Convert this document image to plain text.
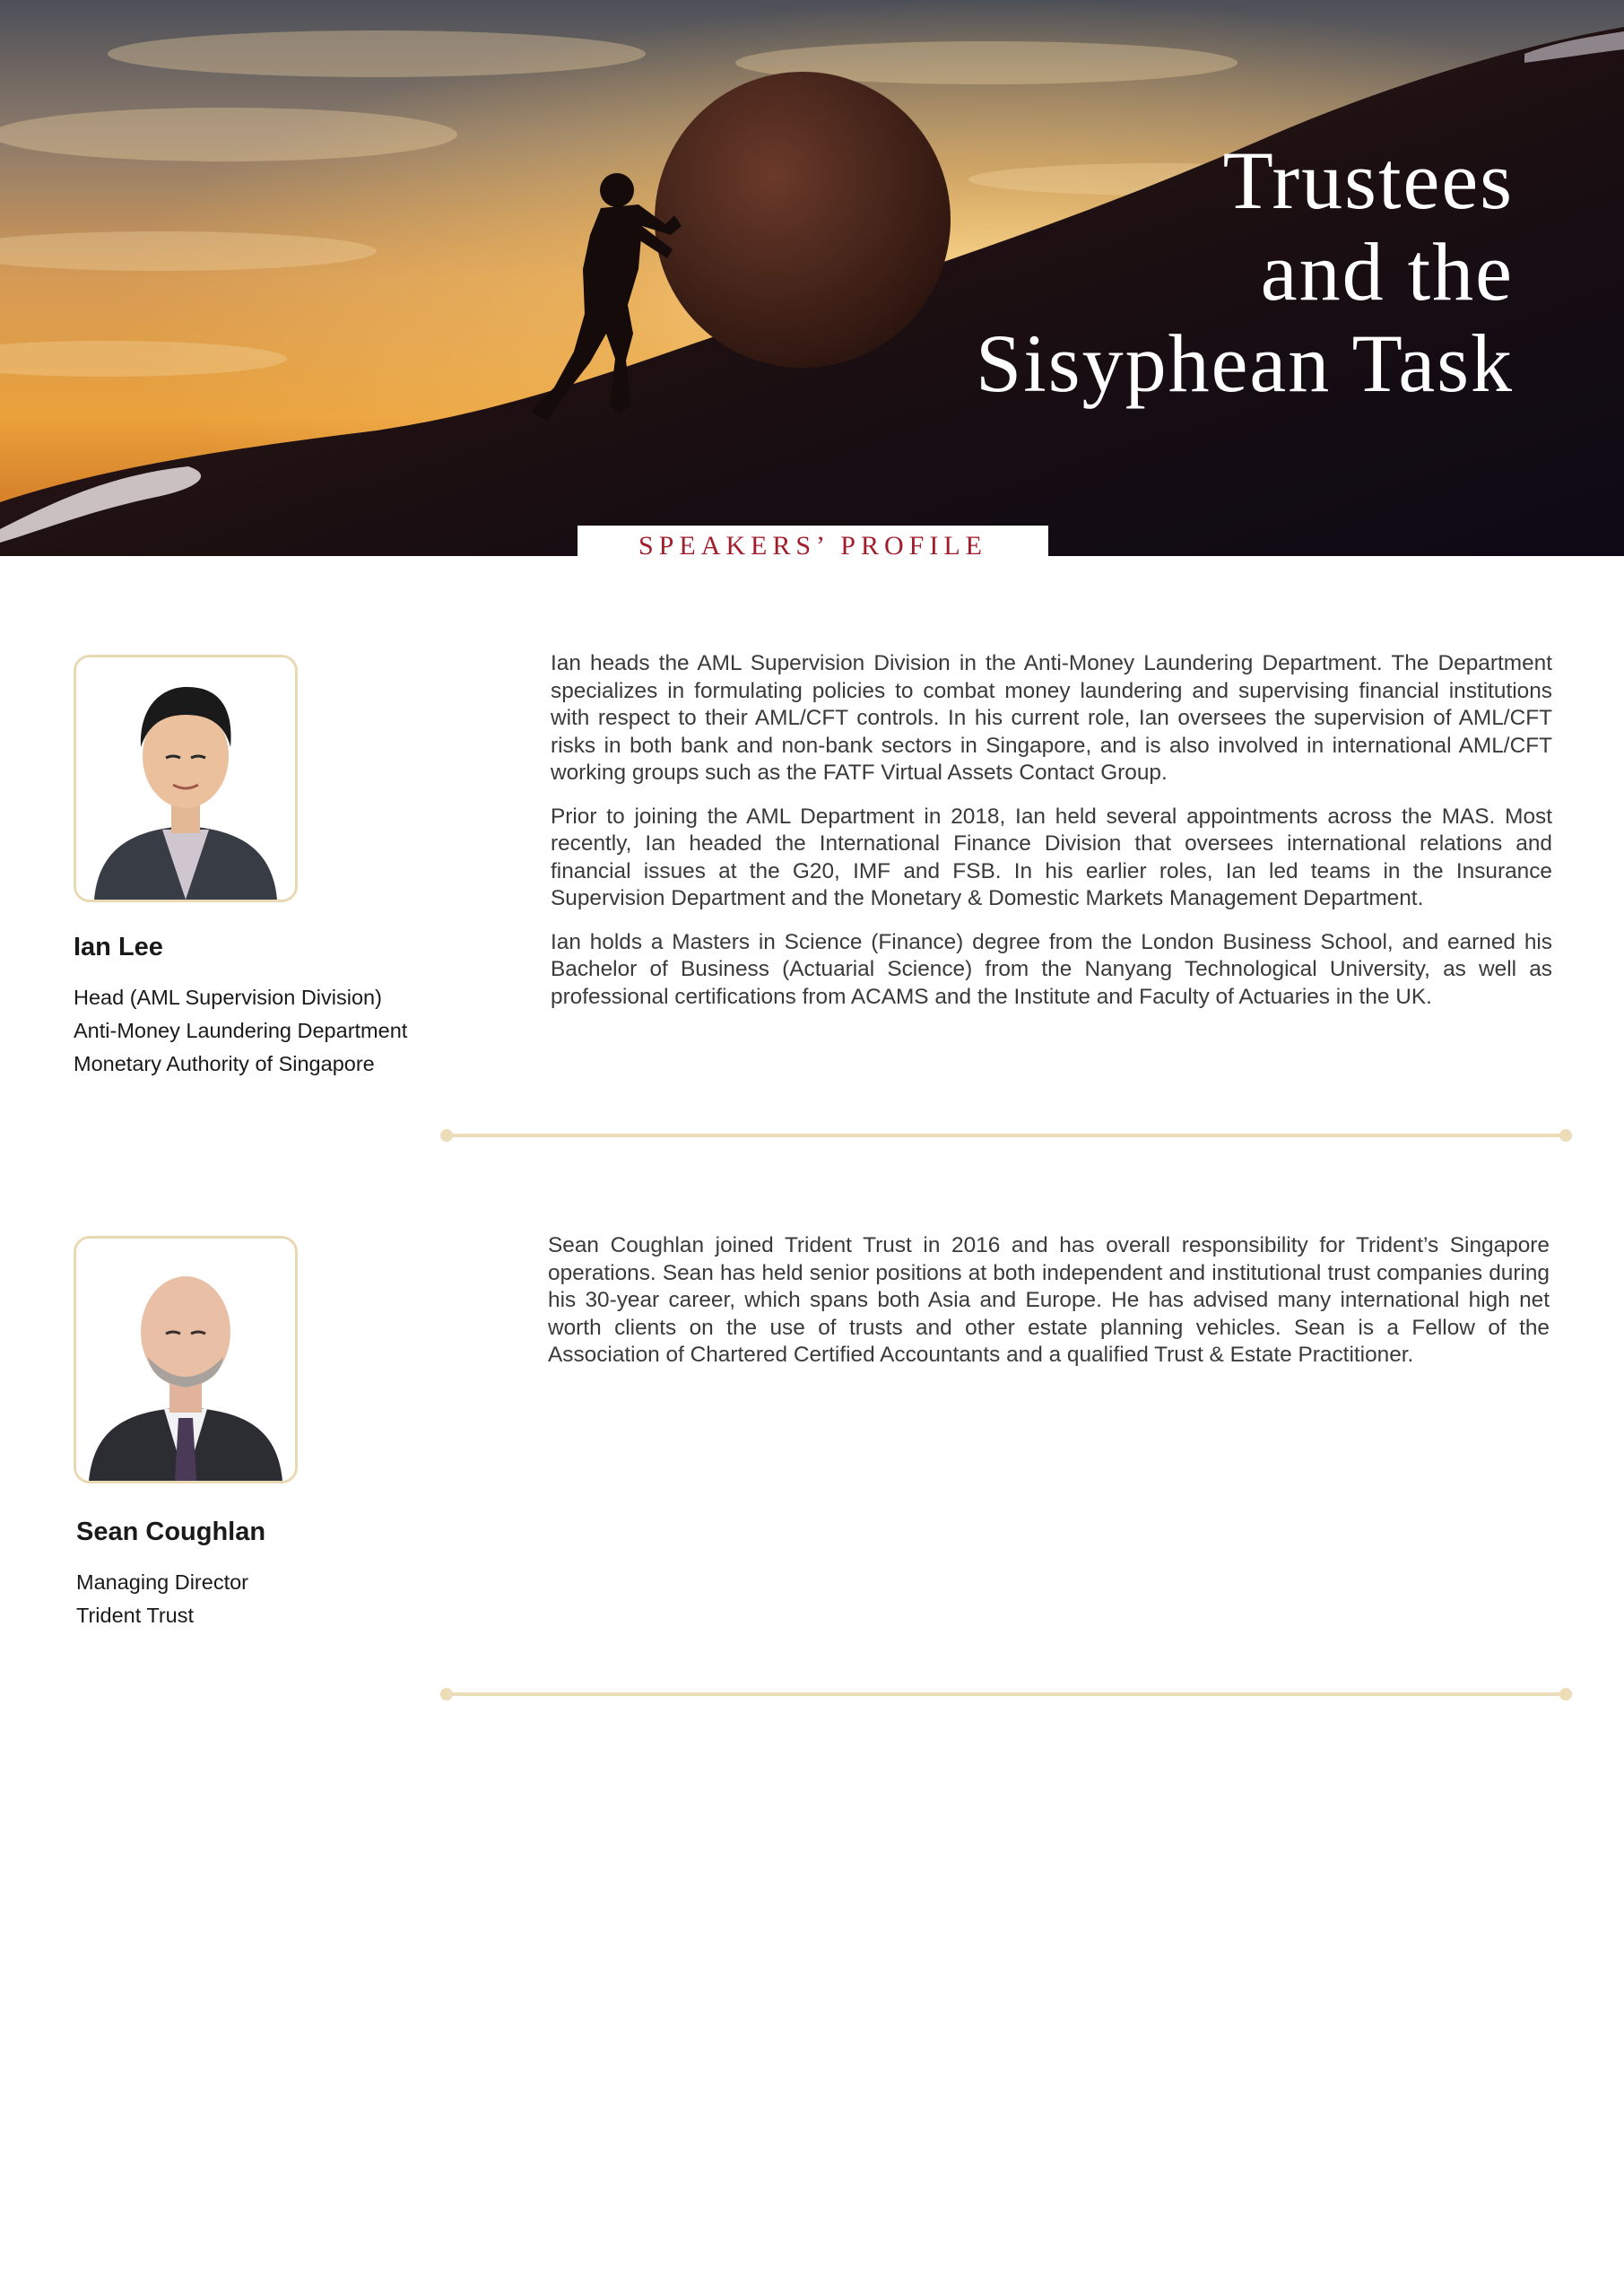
Trustees
and the
Sisyphean Task
SPEAKERS’ PROFILE
Ian Lee
Head (AML Supervision Division)
Anti-Money Laundering Department
Monetary Authority of Singapore

Ian heads the AML Supervision Division in the Anti-Money Laundering Department. The Department specializes in formulating policies to combat money laundering and supervising financial institutions with respect to their AML/CFT controls. In his current role, Ian oversees the supervision of AML/CFT risks in both bank and non-bank sectors in Singapore, and is also involved in international AML/CFT working groups such as the FATF Virtual Assets Contact Group.

Prior to joining the AML Department in 2018, Ian held several appointments across the MAS. Most recently, Ian headed the International Finance Division that oversees international relations and financial issues at the G20, IMF and FSB. In his earlier roles, Ian led teams in the Insurance Supervision Department and the Monetary & Domestic Markets Management Department.

Ian holds a Masters in Science (Finance) degree from the London Business School, and earned his Bachelor of Business (Actuarial Science) from the Nanyang Technological University, as well as professional certifications from ACAMS and the Institute and Faculty of Actuaries in the UK.

Sean Coughlan
Managing Director
Trident Trust

Sean Coughlan joined Trident Trust in 2016 and has overall responsibility for Trident’s Singapore operations. Sean has held senior positions at both independent and institutional trust companies during his 30-year career, which spans both Asia and Europe. He has advised many international high net worth clients on the use of trusts and other estate planning vehicles. Sean is a Fellow of the Association of Chartered Certified Accountants and a qualified Trust & Estate Practitioner.
